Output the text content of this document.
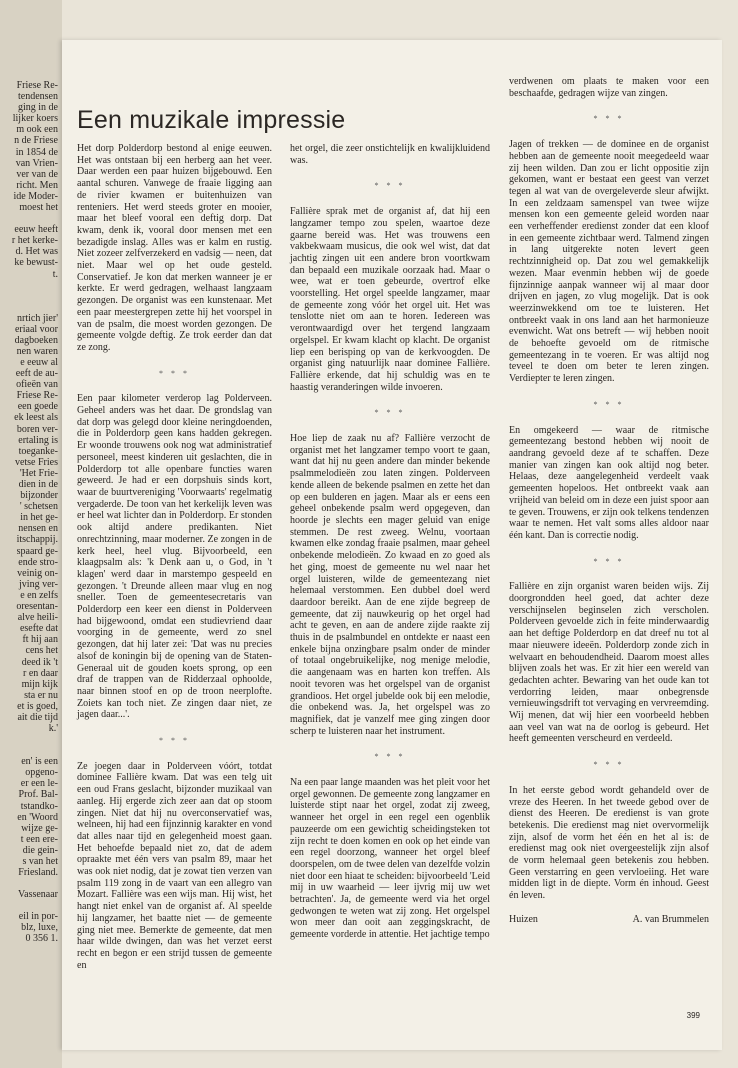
Friese Re-
tendensen
ging in de
lijker koers
m ook een
n de Friese
in 1854 de
van Vrien-
ver van de
richt. Men
ide Moder-
moest het
eeuw heeft
r het kerke-
d. Het was
ke bewust-
t.
nrtich jier'
eriaal voor
dagboeken
nen waren
e eeuw al
eeft de au-
ofieën van
Friese Re-
een goede
ek leest als
boren ver-
ertaling is
toeganke-
vetse Fries
'Het Frie-
dien in de
bijzonder
' schetsen
in het ge-
nensen en
itschappij.
spaard ge-
ende stro-
veinig on-
jving ver-
e en zelfs
oresentan-
alve heili-
esefte dat
ft hij aan
cens het
deed ik 't
r en daar
mijn kijk
sta er nu
et is goed,
ait die tijd
k.'
en' is een
opgeno-
er een le-
Prof. Bal-
tstandko-
en 'Woord
wijze ge-
t een ere-
die gein-
s van het
Friesland.
Vassenaar
eil in por-
blz, luxe,
0 356 1.
Een muzikale impressie

Het dorp Polderdorp bestond al enige eeuwen. Het was ontstaan bij een herberg aan het veer. Daar werden een paar huizen bijgebouwd. Een aantal schuren. Vanwege de fraaie ligging aan de rivier kwamen er buitenhuizen van renteniers. Het werd steeds groter en mooier, maar het bleef vooral een deftig dorp. Dat kwam, denk ik, vooral door mensen met een bezadigde inslag. Alles was er kalm en rustig. Niet zozeer zelfverzekerd en vadsig — neen, dat niet. Maar wel op het oude gesteld. Conservatief. Je kon dat merken wanneer je er kerkte. Er werd gedragen, welhaast langzaam gezongen. De organist was een kunstenaar. Met een paar meestergrepen zette hij het voorspel in van de psalm, die moest worden gezongen. De gemeente volgde deftig. Ze trok eerder dan dat ze zong.

* * *

Een paar kilometer verderop lag Polderveen. Geheel anders was het daar. De grondslag van dat dorp was gelegd door kleine neringdoenden, die in Polderdorp geen kans hadden gekregen. Er woonde trouwens ook nog wat administratief personeel, meest kinderen uit geslachten, die in Polderdorp tot alle openbare functies waren geweerd. Je had er een dorpshuis sinds kort, waar de buurtvereniging 'Voorwaarts' regelmatig vergaderde. De toon van het kerkelijk leven was er heel wat lichter dan in Polderdorp. Er stonden ook altijd andere predikanten. Niet onrechtzinning, maar moderner. Ze zongen in de kerk heel, heel vlug. Bijvoorbeeld, een klaagpsalm als: 'k Denk aan u, o God, in 't klagen' werd daar in marstempo gespeeld en gezongen. 't Dreunde alleen maar vlug en nog sneller. Toen de gemeentesecretaris van Polderdorp een keer een dienst in Polderveen had bijgewoond, omdat een studievriend daar voorging in de gemeente, werd zo snel gezongen, dat hij later zei: 'Dat was nu precies alsof de koningin bij de opening van de Staten-Generaal uit de gouden koets sprong, op een draf de trappen van de Ridderzaal ophoolde, naar binnen stoof en op de troon neerplofte. Zoiets kan toch niet. Ze zingen daar niet, ze jagen daar...'.

* * *

Ze joegen daar in Polderveen vóórt, totdat dominee Fallière kwam. Dat was een telg uit een oud Frans geslacht, bijzonder muzikaal van aanleg. Hij ergerde zich zeer aan dat op stoom zingen. Niet dat hij nu overconservatief was, welneen, hij had een fijnzinnig karakter en vond dat alles naar tijd en gelegenheid moest gaan. Het behoefde bepaald niet zo, dat de adem opraakte met één vers van psalm 89, maar het was ook niet nodig, dat je zowat tien verzen van psalm 119 zong in de vaart van een allegro van Mozart. Fallière was een wijs man. Hij wist, het hangt niet enkel van de organist af. Al speelde hij langzamer, het baatte niet — de gemeente ging niet mee. Bemerkte de gemeente, dat men haar wilde dwingen, dan was het verzet eerst recht en begon er een strijd tussen de gemeente en

het orgel, die zeer onstichtelijk en kwalijkluidend was.

* * *

Fallière sprak met de organist af, dat hij een langzamer tempo zou spelen, waartoe deze gaarne bereid was. Het was trouwens een vakbekwaam musicus, die ook wel wist, dat dat jachtig zingen uit een andere bron voortkwam dan bepaald een muzikale oorzaak had. Maar o wee, wat er toen gebeurde, overtrof elke voorstelling. Het orgel speelde langzamer, maar de gemeente zong vóór het orgel uit. Het was tenslotte niet om aan te horen. Iedereen was verontwaardigd over het tergend langzaam orgelspel. Er kwam klacht op klacht. De organist liep een berisping op van de kerkvoogden. De organist ging natuurlijk naar dominee Fallière. Fallière erkende, dat hij schuldig was en te haastig veranderingen wilde invoeren.

* * *

Hoe liep de zaak nu af? Fallière verzocht de organist met het langzamer tempo voort te gaan, want dat hij nu geen andere dan minder bekende psalmmelodieën zou laten zingen. Polderveen kende alleen de bekende psalmen en zette het dan op een bulderen en jagen. Maar als er eens een geheel onbekende psalm werd opgegeven, dan hoorde je slechts een mager geluid van enige stemmen. De rest zweeg. Welnu, voortaan kwamen elke zondag fraaie psalmen, maar geheel onbekende melodieën. Zo kwaad en zo goed als het ging, moest de gemeente nu wel naar het orgel luisteren, wilde de gemeentezang niet helemaal verstommen. Een dubbel doel werd daardoor bereikt. Aan de ene zijde begreep de gemeente, dat zij nauwkeurig op het orgel had acht te geven, en aan de andere zijde raakte zij thuis in de psalmbundel en ontdekte er naast een enkele bijna onzingbare psalm onder de minder of totaal ongebruikelijke, nog menige melodie, die aangenaam was en harten kon treffen. Als nooit tevoren was het orgelspel van de organist grandioos. Het orgel jubelde ook bij een melodie, die onbekend was. Ja, het orgelspel was zo magnifiek, dat je vanzelf mee ging zingen door scherp te luisteren naar het instrument.

* * *

Na een paar lange maanden was het pleit voor het orgel gewonnen. De gemeente zong langzamer en luisterde stipt naar het orgel, zodat zij zweeg, wanneer het orgel in een regel een ogenblik pauzeerde om een gewichtig scheidingsteken tot zijn recht te doen komen en ook op het einde van een regel doorzong, wanneer het orgel bleef doorspelen, om de twee delen van dezelfde volzin niet door een hiaat te scheiden: bijvoorbeeld 'Leid mij in uw waarheid — leer ijvrig mij uw wet betrachten'. Ja, de gemeente werd via het orgel gedwongen te weten wat zij zong. Het orgelspel won meer dan ooit aan zeggingskracht, de gemeente vorderde in attentie. Het jachtige tempo

verdwenen om plaats te maken voor een beschaafde, gedragen wijze van zingen.

* * *

Jagen of trekken — de dominee en de organist hebben aan de gemeente nooit meegedeeld waar zij heen wilden. Dan zou er licht oppositie zijn gekomen, want er bestaat een geest van verzet tegen al wat van de overgeleverde sleur afwijkt. In een zeldzaam samenspel van twee wijze mensen kon een gemeente geleid worden naar een verheffender eredienst zonder dat een kloof in een gemeente zichtbaar werd. Talmend zingen in lang uitgerekte noten levert geen rechtzinnigheid op. Dat zou wel gemakkelijk wezen. Maar evenmin hebben wij de goede fijnzinnige aanpak wanneer wij al maar door drijven en jagen, zo vlug mogelijk. Dat is ook weerzinwekkend om toe te luisteren. Het ontbreekt vaak in ons land aan het harmonieuze evenwicht. Wat ons betreft — wij hebben nooit de behoefte gevoeld om de ritmische gemeentezang in te voeren. Er was altijd nog teveel te doen om beter te leren zingen. Verdiepter te leren zingen.

* * *

En omgekeerd — waar de ritmische gemeentezang bestond hebben wij nooit de aandrang gevoeld deze af te schaffen. Deze manier van zingen kan ook altijd nog beter. Helaas, deze aangelegenheid verdeelt vaak gemeenten hopeloos. Het ontbreekt vaak aan vrijheid van beleid om in deze een juist spoor aan te geven. Trouwens, er zijn ook telkens tendenzen waar te nemen. Het valt soms alles aldoor naar één kant. Dan is correctie nodig.

* * *

Fallière en zijn organist waren beiden wijs. Zij doorgrondden heel goed, dat achter deze verschijnselen beginselen zich verscholen. Polderveen gevoelde zich in feite minderwaardig aan het deftige Polderdorp en dat dreef nu tot al maar nieuwere ideeën. Polderdorp zonde zich in welvaart en behoudendheid. Daarom moest alles blijven zoals het was. Er zit hier een wereld van gedachten achter. Bewaring van het oude kan tot verdorring leiden, maar onbegrensde vernieuwingsdrift tot vervaging en vervreemding. Wij menen, dat wij hier een voorbeeld hebben aan veel van wat na de oorlog is gebeurd. Het heeft gemeenten verscheurd en verdeeld.

* * *

In het eerste gebod wordt gehandeld over de vreze des Heeren. In het tweede gebod over de dienst des Heeren. De eredienst is van grote betekenis. Die eredienst mag niet overvormelijk zijn, alsof de vorm het één en het al is: de eredienst mag ook niet overgeestelijk zijn alsof de vorm helemaal geen betekenis zou hebben. Geen verstarring en geen vervloeiing. Het ware midden ligt in de diepte. Vorm én inhoud. Geest én leven.

Huizen	A. van Brummelen
399
